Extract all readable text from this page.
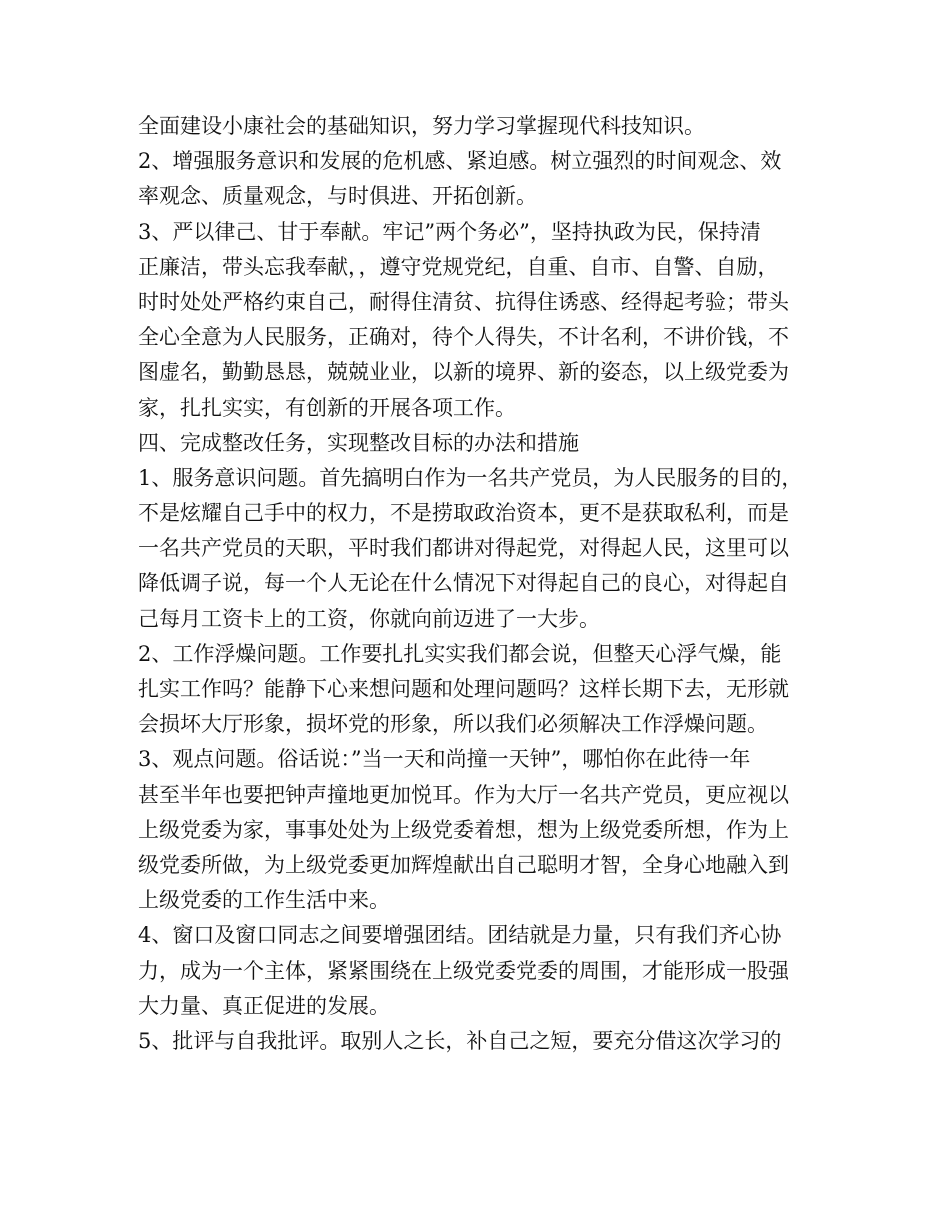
全面建设小康社会的基础知识，努力学习掌握现代科技知识。
2、增强服务意识和发展的危机感、紧迫感。树立强烈的时间观念、效
率观念、质量观念，与时俱进、开拓创新。
3、严以律己、甘于奉献。牢记”两个务必”，坚持执政为民，保持清
正廉洁，带头忘我奉献，，遵守党规党纪，自重、自市、自警、自励，
时时处处严格约束自己，耐得住清贫、抗得住诱惑、经得起考验；带头
全心全意为人民服务，正确对，待个人得失，不计名利，不讲价钱，不
图虚名，勤勤恳恳，兢兢业业，以新的境界、新的姿态，以上级党委为
家，扎扎实实，有创新的开展各项工作。
四、完成整改任务，实现整改目标的办法和措施
1、服务意识问题。首先搞明白作为一名共产党员，为人民服务的目的，
不是炫耀自己手中的权力，不是捞取政治资本，更不是获取私利，而是
一名共产党员的天职，平时我们都讲对得起党，对得起人民，这里可以
降低调子说，每一个人无论在什么情况下对得起自己的良心，对得起自
己每月工资卡上的工资，你就向前迈进了一大步。
2、工作浮燥问题。工作要扎扎实实我们都会说，但整天心浮气燥，能
扎实工作吗？能静下心来想问题和处理问题吗？这样长期下去，无形就
会损坏大厅形象，损坏党的形象，所以我们必须解决工作浮燥问题。
3、观点问题。俗话说：”当一天和尚撞一天钟”，哪怕你在此待一年
甚至半年也要把钟声撞地更加悦耳。作为大厅一名共产党员，更应视以
上级党委为家，事事处处为上级党委着想，想为上级党委所想，作为上
级党委所做，为上级党委更加辉煌献出自己聪明才智，全身心地融入到
上级党委的工作生活中来。
4、窗口及窗口同志之间要增强团结。团结就是力量，只有我们齐心协
力，成为一个主体，紧紧围绕在上级党委党委的周围，才能形成一股强
大力量、真正促进的发展。
5、批评与自我批评。取别人之长，补自己之短，要充分借这次学习的
